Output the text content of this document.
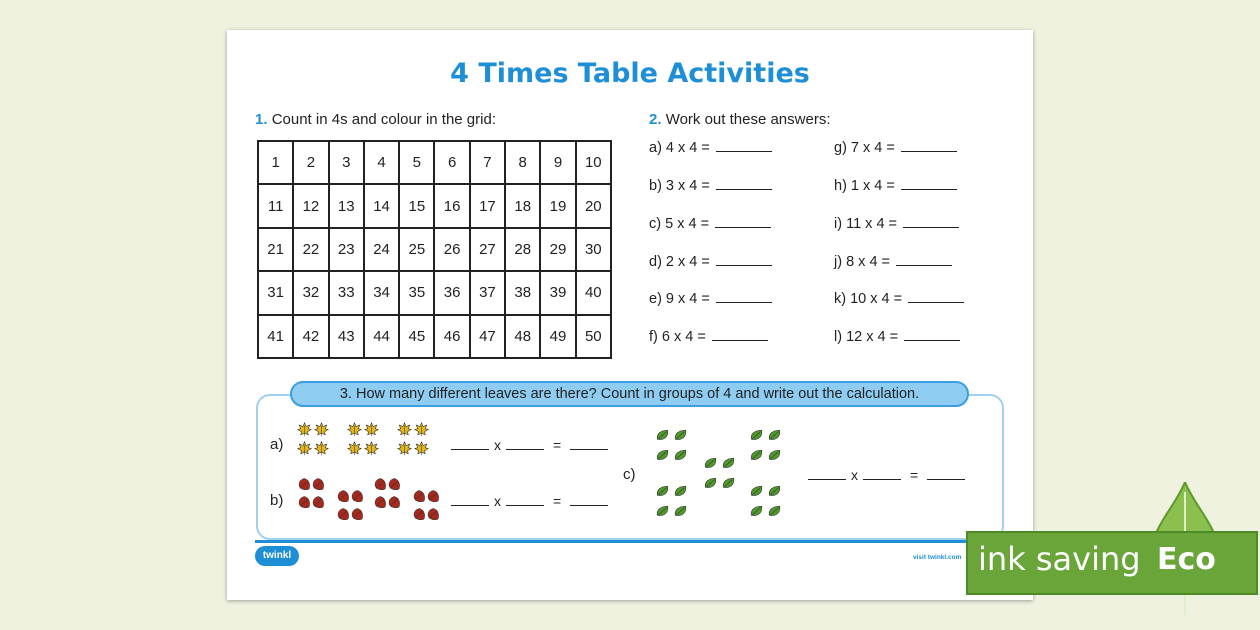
4 Times Table Activities
1. Count in 4s and colour in the grid:
1	2	3	4	5	6	7	8	9	10
11	12	13	14	15	16	17	18	19	20
21	22	23	24	25	26	27	28	29	30
31	32	33	34	35	36	37	38	39	40
41	42	43	44	45	46	47	48	49	50
2. Work out these answers:
a) 4 x 4 =
b) 3 x 4 =
c) 5 x 4 =
d) 2 x 4 =
e) 9 x 4 =
f) 6 x 4 =
g) 7 x 4 =
h) 1 x 4 =
i) 11 x 4 =
j) 8 x 4 =
k) 10 x 4 =
l) 12 x 4 =
3. How many different leaves are there? Count in groups of 4 and write out the calculation.
a)
b)
c)
x	=
x	=
x	=
twinkl	visit twinkl.com ink saving Eco
